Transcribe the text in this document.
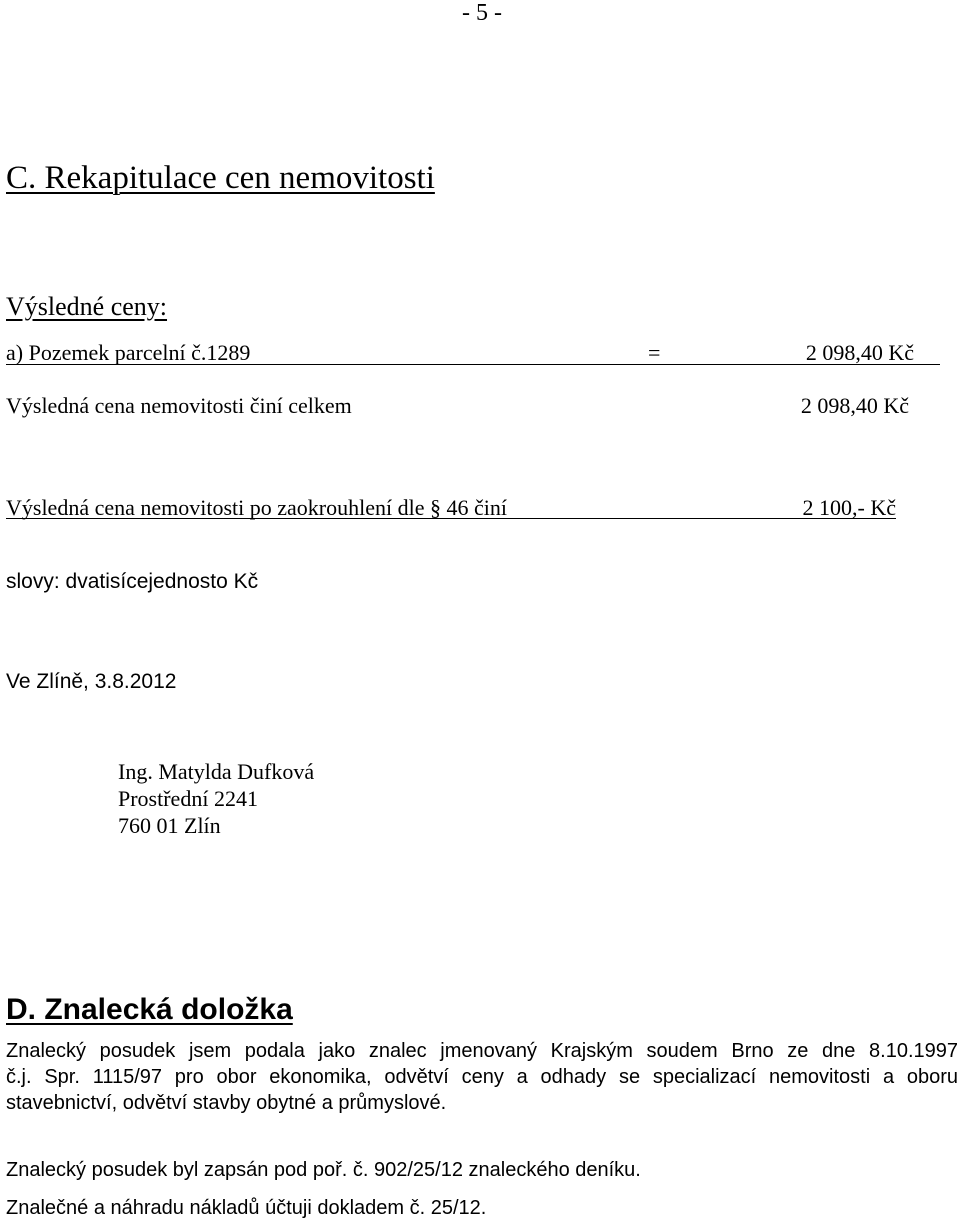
- 5 -
C. Rekapitulace cen nemovitosti
Výsledné ceny:
a) Pozemek parcelní č.1289	=	2 098,40 Kč
Výsledná cena nemovitosti činí celkem	2 098,40 Kč
Výsledná cena nemovitosti po zaokrouhlení dle § 46 činí	2 100,- Kč
slovy: dvatisícejednosto Kč
Ve Zlíně, 3.8.2012
Ing. Matylda Dufková
Prostřední 2241
760 01 Zlín
D. Znalecká doložka
Znalecký posudek jsem podala jako znalec jmenovaný Krajským soudem Brno ze dne 8.10.1997
č.j. Spr. 1115/97 pro obor ekonomika, odvětví ceny a odhady se specializací nemovitosti a oboru
stavebnictví, odvětví stavby obytné a průmyslové.
Znalecký posudek byl zapsán pod poř. č. 902/25/12 znaleckého deníku.
Znalečné a náhradu nákladů účtuji dokladem č. 25/12.
